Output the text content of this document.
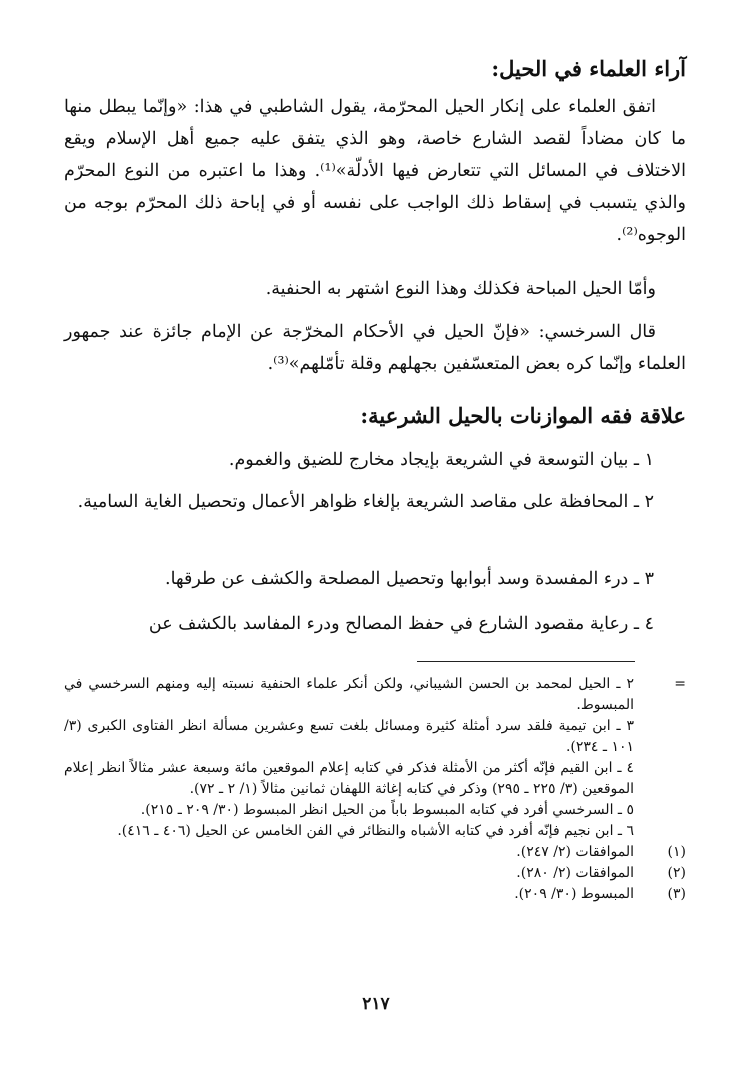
آراء العلماء في الحيل:
اتفق العلماء على إنكار الحيل المحرّمة، يقول الشاطبي في هذا: «وإنّما يبطل منها ما كان مضاداً لقصد الشارع خاصة، وهو الذي يتفق عليه جميع أهل الإسلام ويقع الاختلاف في المسائل التي تتعارض فيها الأدلّة»⁽¹⁾. وهذا ما اعتبره من النوع المحرّم والذي يتسبب في إسقاط ذلك الواجب على نفسه أو في إباحة ذلك المحرّم بوجه من الوجوه⁽²⁾.
وأمّا الحيل المباحة فكذلك وهذا النوع اشتهر به الحنفية.
قال السرخسي: «فإنّ الحيل في الأحكام المخرّجة عن الإمام جائزة عند جمهور العلماء وإنّما كره بعض المتعسّفين بجهلهم وقلة تأمّلهم»⁽³⁾.
علاقة فقه الموازنات بالحيل الشرعية:
١ ـ بيان التوسعة في الشريعة بإيجاد مخارج للضيق والغموم.
٢ ـ المحافظة على مقاصد الشريعة بإلغاء ظواهر الأعمال وتحصيل الغاية السامية.
٣ ـ درء المفسدة وسد أبوابها وتحصيل المصلحة والكشف عن طرقها.
٤ ـ رعاية مقصود الشارع في حفظ المصالح ودرء المفاسد بالكشف عن
=
٢ ـ الحيل لمحمد بن الحسن الشيباني، ولكن أنكر علماء الحنفية نسبته إليه ومنهم السرخسي في المبسوط.
٣ ـ ابن تيمية فلقد سرد أمثلة كثيرة ومسائل بلغت تسع وعشرين مسألة انظر الفتاوى الكبرى (٣/ ١٠١ ـ ٢٣٤).
٤ ـ ابن القيم فإنّه أكثر من الأمثلة فذكر في كتابه إعلام الموقعين مائة وسبعة عشر مثالاً انظر إعلام الموقعين (٣/ ٢٢٥ ـ ٢٩٥) وذكر في كتابه إغاثة اللهفان ثمانين مثالاً (١/ ٢ ـ ٧٢).
٥ ـ السرخسي أفرد في كتابه المبسوط باباً من الحيل انظر المبسوط (٣٠/ ٢٠٩ ـ ٢١٥).
٦ ـ ابن نجيم فإنّه أفرد في كتابه الأشباه والنظائر في الفن الخامس عن الحيل (٤٠٦ ـ ٤١٦).
(١)
الموافقات (٢/ ٢٤٧).
(٢)
الموافقات (٢/ ٢٨٠).
(٣)
المبسوط (٣٠/ ٢٠٩).
٢١٧
